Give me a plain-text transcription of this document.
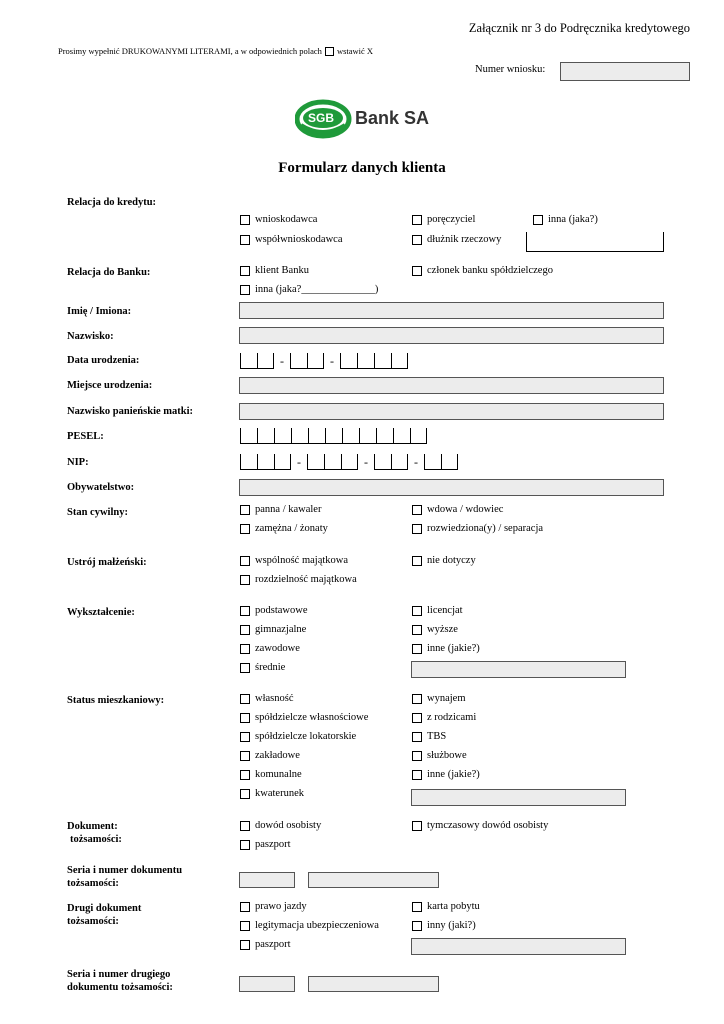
Załącznik nr 3 do Podręcznika kredytowego
Prosimy wypełnić DRUKOWANYMI LITERAMI, a w odpowiednich polach wstawić X
Numer wniosku:
SGB Bank SA
Formularz danych klienta
Relacja do kredytu:
wnioskodawca	poręczyciel	inna (jaka?)
współwnioskodawca	dłużnik rzeczowy
Relacja do Banku:	klient Banku	członek banku spółdzielczego
inna (jaka?______________)
Imię / Imiona:
Nazwisko:
Data urodzenia:	-	-
Miejsce urodzenia:
Nazwisko panieńskie matki:
PESEL:
NIP:	-	-	-
Obywatelstwo:
Stan cywilny:	panna / kawaler	wdowa / wdowiec
zamężna / żonaty	rozwiedziona(y) / separacja
Ustrój małżeński:	wspólność majątkowa	nie dotyczy
rozdzielność majątkowa
Wykształcenie:	podstawowe	licencjat
gimnazjalne	wyższe
zawodowe	inne (jakie?)
średnie
Status mieszkaniowy:	własność	wynajem
spółdzielcze własnościowe	z rodzicami
spółdzielcze lokatorskie	TBS
zakładowe	służbowe
komunalne	inne (jakie?)
kwaterunek
Dokument:
tożsamości:
dowód osobisty	tymczasowy dowód osobisty
paszport
Seria i numer dokumentu
tożsamości:
Drugi dokument
tożsamości:
prawo jazdy	karta pobytu
legitymacja ubezpieczeniowa	inny (jaki?)
paszport
Seria i numer drugiego
dokumentu tożsamości:
